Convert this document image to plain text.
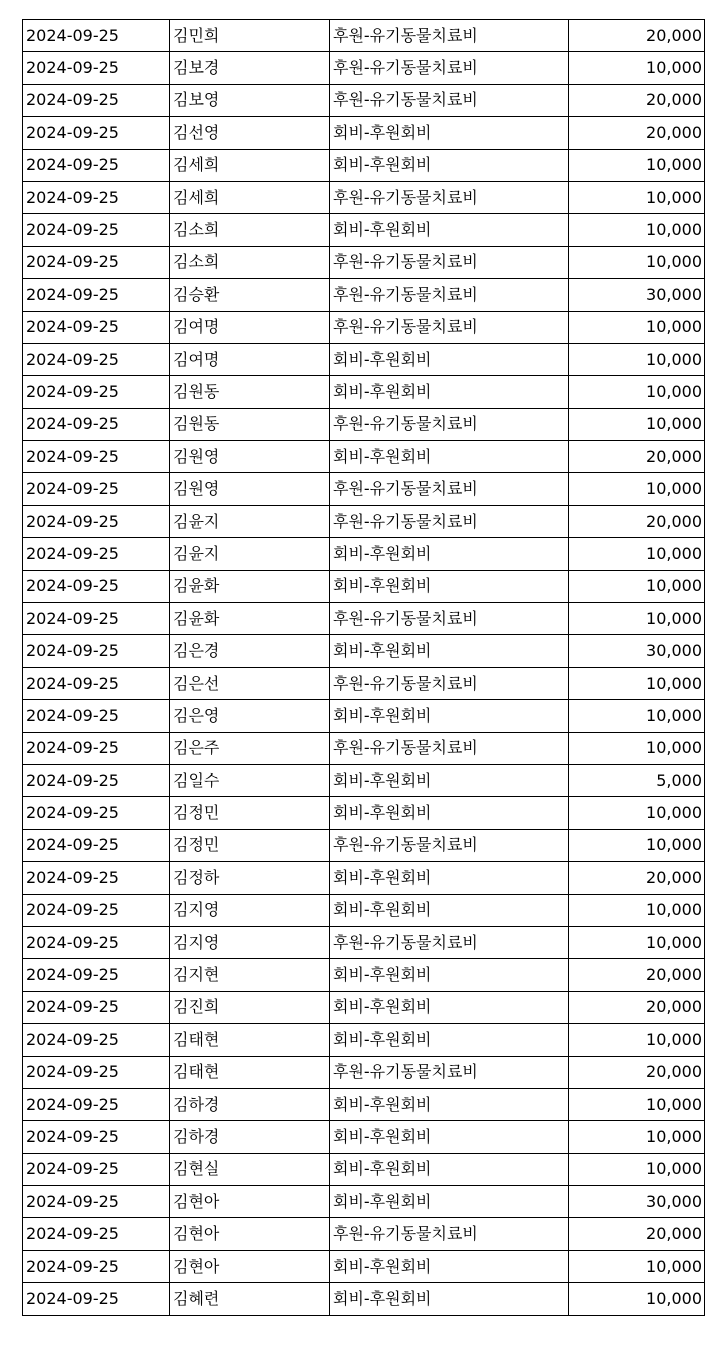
2024-09-25	김민희	후원-유기동물치료비	20,000
2024-09-25	김보경	후원-유기동물치료비	10,000
2024-09-25	김보영	후원-유기동물치료비	20,000
2024-09-25	김선영	회비-후원회비	20,000
2024-09-25	김세희	회비-후원회비	10,000
2024-09-25	김세희	후원-유기동물치료비	10,000
2024-09-25	김소희	회비-후원회비	10,000
2024-09-25	김소희	후원-유기동물치료비	10,000
2024-09-25	김승환	후원-유기동물치료비	30,000
2024-09-25	김여명	후원-유기동물치료비	10,000
2024-09-25	김여명	회비-후원회비	10,000
2024-09-25	김원동	회비-후원회비	10,000
2024-09-25	김원동	후원-유기동물치료비	10,000
2024-09-25	김원영	회비-후원회비	20,000
2024-09-25	김원영	후원-유기동물치료비	10,000
2024-09-25	김윤지	후원-유기동물치료비	20,000
2024-09-25	김윤지	회비-후원회비	10,000
2024-09-25	김윤화	회비-후원회비	10,000
2024-09-25	김윤화	후원-유기동물치료비	10,000
2024-09-25	김은경	회비-후원회비	30,000
2024-09-25	김은선	후원-유기동물치료비	10,000
2024-09-25	김은영	회비-후원회비	10,000
2024-09-25	김은주	후원-유기동물치료비	10,000
2024-09-25	김일수	회비-후원회비	5,000
2024-09-25	김정민	회비-후원회비	10,000
2024-09-25	김정민	후원-유기동물치료비	10,000
2024-09-25	김정하	회비-후원회비	20,000
2024-09-25	김지영	회비-후원회비	10,000
2024-09-25	김지영	후원-유기동물치료비	10,000
2024-09-25	김지현	회비-후원회비	20,000
2024-09-25	김진희	회비-후원회비	20,000
2024-09-25	김태현	회비-후원회비	10,000
2024-09-25	김태현	후원-유기동물치료비	20,000
2024-09-25	김하경	회비-후원회비	10,000
2024-09-25	김하경	회비-후원회비	10,000
2024-09-25	김현실	회비-후원회비	10,000
2024-09-25	김현아	회비-후원회비	30,000
2024-09-25	김현아	후원-유기동물치료비	20,000
2024-09-25	김현아	회비-후원회비	10,000
2024-09-25	김혜련	회비-후원회비	10,000
